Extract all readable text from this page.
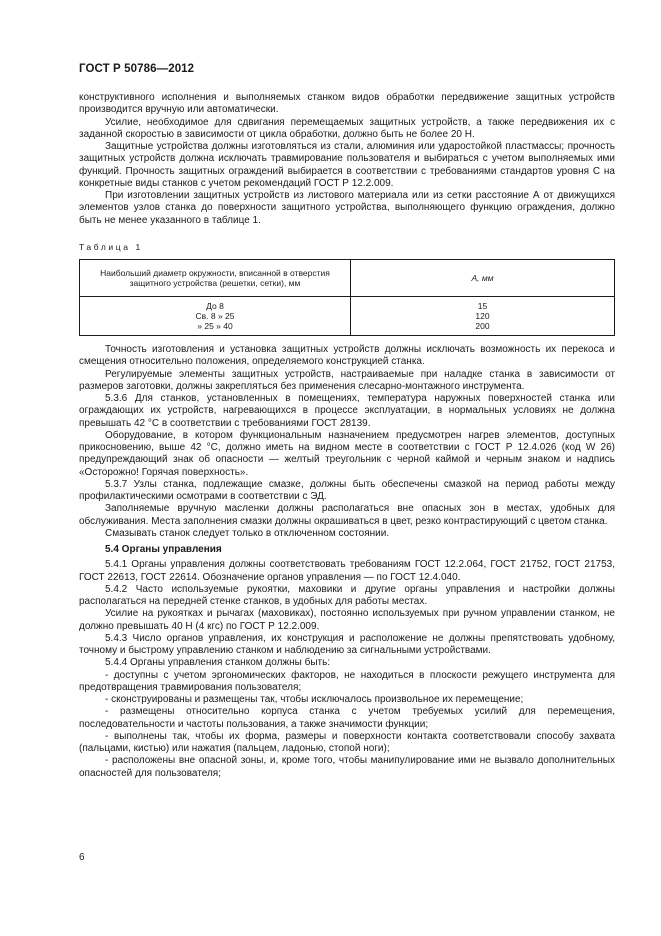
ГОСТ Р 50786—2012

конструктивного исполнения и выполняемых станком видов обработки передвижение защитных устройств производится вручную или автоматически.

Усилие, необходимое для сдвигания перемещаемых защитных устройств, а также передвижения их с заданной скоростью в зависимости от цикла обработки, должно быть не более 20 Н.

Защитные устройства должны изготовляться из стали, алюминия или ударостойкой пластмассы; прочность защитных устройств должна исключать травмирование пользователя и выбираться с учетом выполняемых ими функций. Прочность защитных ограждений выбирается в соответствии с требованиями стандартов уровня С на конкретные виды станков с учетом рекомендаций ГОСТ Р 12.2.009.

При изготовлении защитных устройств из листового материала или из сетки расстояние А от движущихся элементов узлов станка до поверхности защитного устройства, выполняющего функцию ограждения, должно быть не менее указанного в таблице 1.

Таблица 1
Наибольший диаметр окружности, вписанной в отверстия защитного устройства (решетки, сетки), мм	А, мм
До 8	15
Св. 8 » 25	120
» 25 » 40	200

Точность изготовления и установка защитных устройств должны исключать возможность их перекоса и смещения относительно положения, определяемого конструкцией станка.

Регулируемые элементы защитных устройств, настраиваемые при наладке станка в зависимости от размеров заготовки, должны закрепляться без применения слесарно-монтажного инструмента.

5.3.6 Для станков, установленных в помещениях, температура наружных поверхностей станка или ограждающих их устройств, нагревающихся в процессе эксплуатации, в нормальных условиях не должна превышать 42 °С в соответствии с требованиями ГОСТ 28139.

Оборудование, в котором функциональным назначением предусмотрен нагрев элементов, доступных прикосновению, выше 42 °С, должно иметь на видном месте в соответствии с ГОСТ Р 12.4.026 (код W 26) предупреждающий знак об опасности — желтый треугольник с черной каймой и черным знаком и надпись «Осторожно! Горячая поверхность».

5.3.7 Узлы станка, подлежащие смазке, должны быть обеспечены смазкой на период работы между профилактическими осмотрами в соответствии с ЭД.

Заполняемые вручную масленки должны располагаться вне опасных зон в местах, удобных для обслуживания. Места заполнения смазки должны окрашиваться в цвет, резко контрастирующий с цветом станка.

Смазывать станок следует только в отключенном состоянии.

5.4 Органы управления

5.4.1 Органы управления должны соответствовать требованиям ГОСТ 12.2.064, ГОСТ 21752, ГОСТ 21753, ГОСТ 22613, ГОСТ 22614. Обозначение органов управления — по ГОСТ 12.4.040.

5.4.2 Часто используемые рукоятки, маховики и другие органы управления и настройки должны располагаться на передней стенке станков, в удобных для работы местах.

Усилие на рукоятках и рычагах (маховиках), постоянно используемых при ручном управлении станком, не должно превышать 40 Н (4 кгс) по ГОСТ Р 12.2.009.

5.4.3 Число органов управления, их конструкция и расположение не должны препятствовать удобному, точному и быстрому управлению станком и наблюдению за сигнальными устройствами.

5.4.4 Органы управления станком должны быть:

- доступны с учетом эргономических факторов, не находиться в плоскости режущего инструмента для предотвращения травмирования пользователя;

- сконструированы и размещены так, чтобы исключалось произвольное их перемещение;

- размещены относительно корпуса станка с учетом требуемых усилий для перемещения, последовательности и частоты пользования, а также значимости функции;

- выполнены так, чтобы их форма, размеры и поверхности контакта соответствовали способу захвата (пальцами, кистью) или нажатия (пальцем, ладонью, стопой ноги);

- расположены вне опасной зоны, и, кроме того, чтобы манипулирование ими не вызвало дополнительных опасностей для пользователя;

6
